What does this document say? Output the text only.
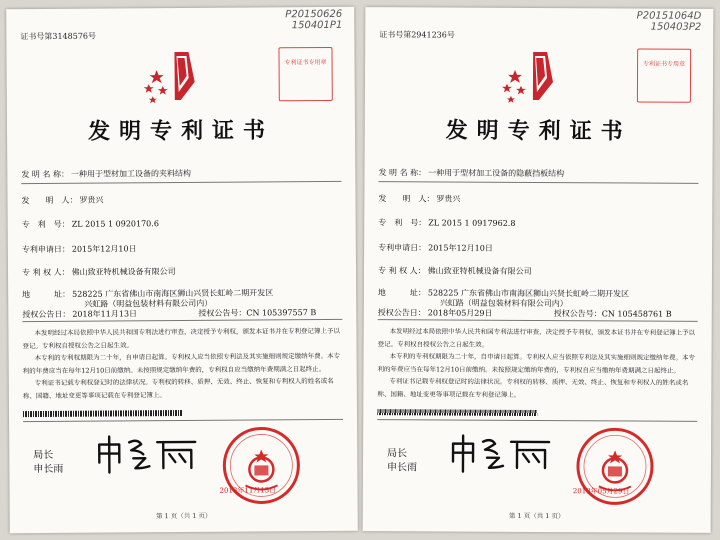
P20150626
150401P1
证书号第3148576号
专利证书专用章
发明专利证书
发 明 名 称： 一种用于型材加工设备的夹料结构
发　　明　人： 罗贵兴
专　利　号： ZL 2015 1 0920170.6
专利申请日： 2015年12月10日
专 利 权 人： 佛山致亚特机械设备有限公司
地　　　址： 528225 广东省佛山市南海区狮山兴贤长虹岭二期开发区
兴虹路（明益包装材料有限公司内）
授权公告日： 2018年11月13日	授权公告号：CN 105397557 B
本发明经过本局依照中华人民共和国专利法进行审查，决定授予专利权，颁发本证书并在专利登记簿上予以登记。专利权自授权公告之日起生效。
本专利的专利权期限为二十年，自申请日起算。专利权人应当依照专利法及其实施细则规定缴纳年费。本专利的年费应当在每年12月10日前缴纳。未按照规定缴纳年费的，专利权自应当缴纳年费期满之日起终止。
专利证书记载专利权登记时的法律状况。专利权的转移、质押、无效、终止、恢复和专利权人的姓名或名称、国籍、地址变更等事项记载在专利登记簿上。
局长
申长雨
2018年11月13日
第 1 页（共 1 页）
P20151064D
150403P2
证书号第2941236号
专利证书专用章
发明专利证书
发 明 名 称： 一种用于型材加工设备的隐蔽挡板结构
发　　明　人： 罗贵兴
专　利　号： ZL 2015 1 0917962.8
专利申请日： 2015年12月10日
专 利 权 人： 佛山致亚特机械设备有限公司
地　　　址： 528225 广东省佛山市南海区狮山兴贤长虹岭二期开发区
兴虹路（明益包装材料有限公司内）
授权公告日： 2018年05月29日	授权公告号：CN 105458761 B
本发明经过本局依照中华人民共和国专利法进行审查，决定授予专利权，颁发本证书并在专利登记簿上予以登记。专利权自授权公告之日起生效。
本专利的专利权期限为二十年，自申请日起算。专利权人应当依照专利法及其实施细则规定缴纳年费。本专利的年费应当在每年12月10日前缴纳。未按照规定缴纳年费的，专利权自应当缴纳年费期满之日起终止。
专利证书记载专利权登记时的法律状况。专利权的转移、质押、无效、终止、恢复和专利权人的姓名或名称、国籍、地址变更等事项记载在专利登记簿上。
局长
申长雨
2018年05月29日
第 1 页（共 1 页）
